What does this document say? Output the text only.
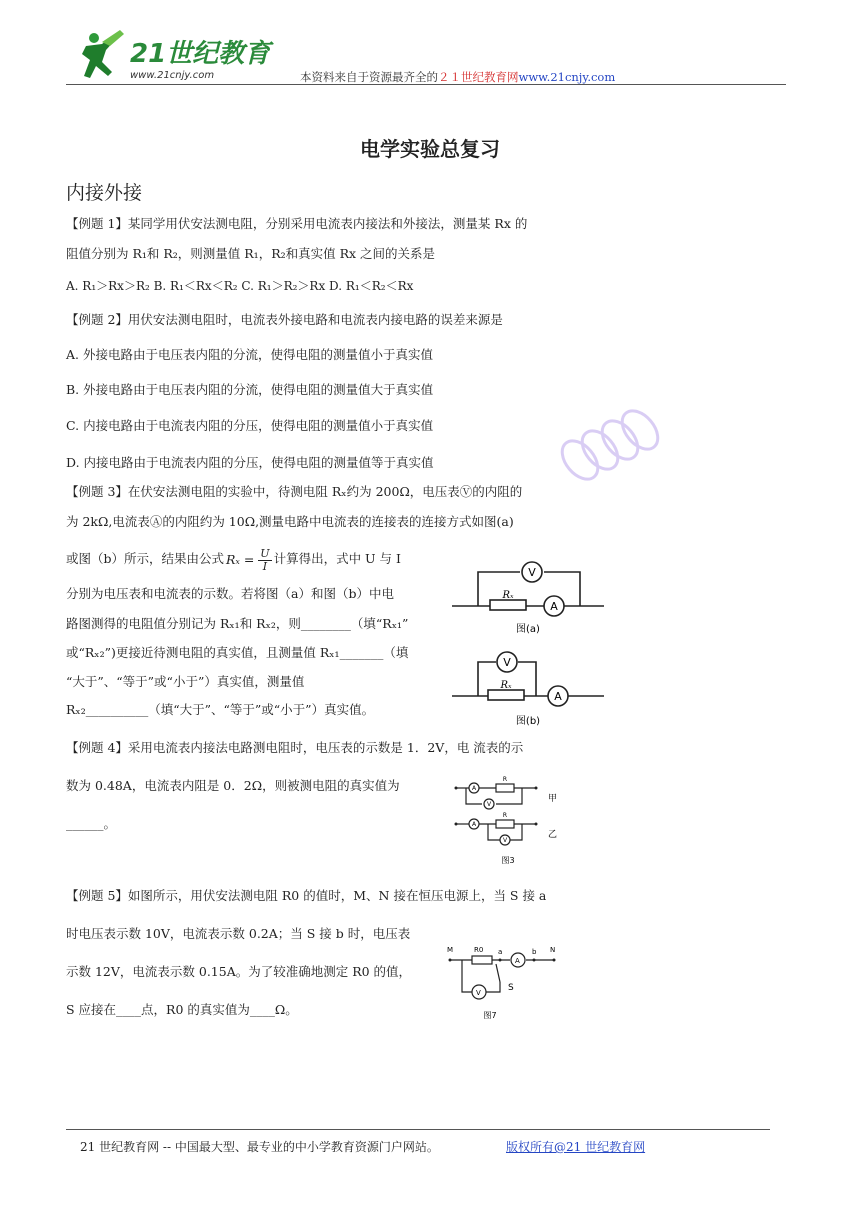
21世纪教育
www.21cnjy.com	本资料来自于资源最齐全的２１世纪教育网www.21cnjy.com
电学实验总复习
内接外接
【例题 1】某同学用伏安法测电阻，分别采用电流表内接法和外接法，测量某 Rx 的
阻值分别为 R₁和 R₂，则测量值 R₁，R₂和真实值 Rx 之间的关系是
A. R₁＞Rx＞R₂ B. R₁＜Rx＜R₂ C. R₁＞R₂＞Rx D. R₁＜R₂＜Rx
【例题 2】用伏安法测电阻时，电流表外接电路和电流表内接电路的误差来源是
A. 外接电路由于电压表内阻的分流，使得电阻的测量值小于真实值
B. 外接电路由于电压表内阻的分流，使得电阻的测量值大于真实值
C. 内接电路由于电流表内阻的分压，使得电阻的测量值小于真实值
D. 内接电路由于电流表内阻的分压，使得电阻的测量值等于真实值
【例题 3】在伏安法测电阻的实验中，待测电阻 Rₓ约为 200Ω，电压表Ⓥ的内阻的
为 2kΩ,电流表Ⓐ的内阻约为 10Ω,测量电路中电流表的连接表的连接方式如图(a)
或图（b）所示，结果由公式 $R_x = \frac{U}{I}$ 计算得出，式中 U 与 I
分别为电压表和电流表的示数。若将图（a）和图（b）中电
路图测得的电阻值分别记为 Rₓ₁和 Rₓ₂，则________（填“Rₓ₁”
或“Rₓ₂”)更接近待测电阻的真实值，且测量值 Rₓ₁_______（填
“大于”、“等于”或“小于”）真实值，测量值
Rₓ₂__________（填“大于”、“等于”或“小于”）真实值。
V
A
Rₓ
图(a)
V
A
Rₓ
图(b)
【例题 4】采用电流表内接法电路测电阻时，电压表的示数是 1．2V，电 流表的示
数为 0.48A，电流表内阻是 0．2Ω，则被测电阻的真实值为
______。
A
V
R
A
V
R
甲
乙
图3
【例题 5】如图所示，用伏安法测电阻 R0 的值时，M、N 接在恒压电源上，当 S 接 a
时电压表示数 10V，电流表示数 0.2A；当 S 接 b 时，电压表
示数 12V，电流表示数 0.15A。为了较准确地测定 R0 的值，
S 应接在____点，R0 的真实值为____Ω。
M	N
R0 a	b
S
A
V
图7
21 世纪教育网 -- 中国最大型、最专业的中小学教育资源门户网站。	版权所有@21 世纪教育网
